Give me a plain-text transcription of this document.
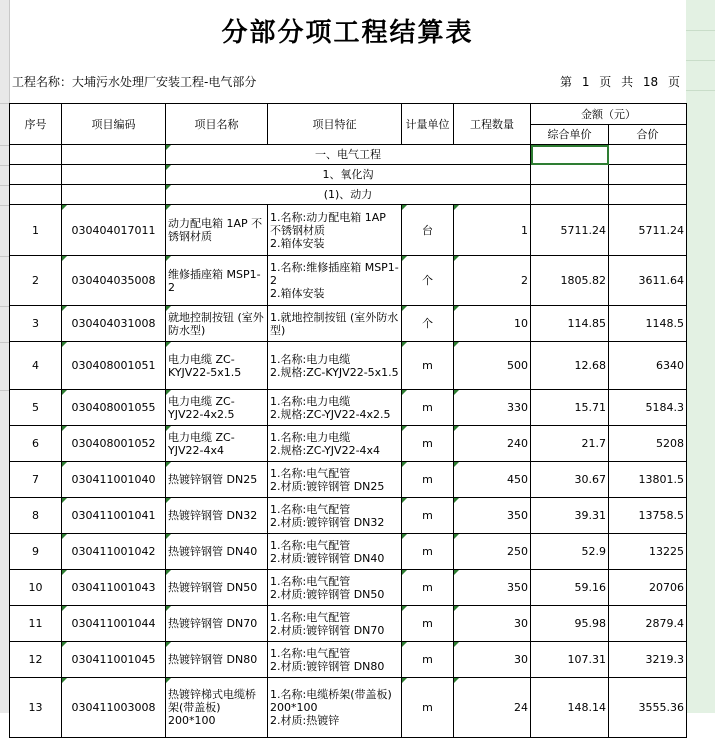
分部分项工程结算表
工程名称：大埔污水处理厂安装工程-电气部分	第 1 页 共 18 页
序号	项目编码	项目名称	项目特征	计量单位	工程数量	金额（元）	
						综合单价	合价
		一、电气工程					
		1、氧化沟					
		(1)、动力					
1	030404017011	动力配电箱 1AP 不锈钢材质	1.名称:动力配电箱 1AP 不锈钢材质
2.箱体安装	台	1	5711.24	5711.24
2	030404035008	维修插座箱 MSP1-2	1.名称:维修插座箱 MSP1-2
2.箱体安装	个	2	1805.82	3611.64
3	030404031008	就地控制按钮 (室外防水型)	1.就地控制按钮 (室外防水型)	个	10	114.85	1148.5
4	030408001051	电力电缆 ZC-KYJV22-5x1.5	1.名称:电力电缆
2.规格:ZC-KYJV22-5x1.5	m	500	12.68	6340
5	030408001055	电力电缆 ZC-YJV22-4x2.5	1.名称:电力电缆
2.规格:ZC-YJV22-4x2.5	m	330	15.71	5184.3
6	030408001052	电力电缆 ZC-YJV22-4x4	1.名称:电力电缆
2.规格:ZC-YJV22-4x4	m	240	21.7	5208
7	030411001040	热镀锌钢管 DN25	1.名称:电气配管
2.材质:镀锌钢管 DN25	m	450	30.67	13801.5
8	030411001041	热镀锌钢管 DN32	1.名称:电气配管
2.材质:镀锌钢管 DN32	m	350	39.31	13758.5
9	030411001042	热镀锌钢管 DN40	1.名称:电气配管
2.材质:镀锌钢管 DN40	m	250	52.9	13225
10	030411001043	热镀锌钢管 DN50	1.名称:电气配管
2.材质:镀锌钢管 DN50	m	350	59.16	20706
11	030411001044	热镀锌钢管 DN70	1.名称:电气配管
2.材质:镀锌钢管 DN70	m	30	95.98	2879.4
12	030411001045	热镀锌钢管 DN80	1.名称:电气配管
2.材质:镀锌钢管 DN80	m	30	107.31	3219.3
13	030411003008	热镀锌梯式电缆桥架(带盖板) 200*100	1.名称:电缆桥架(带盖板) 200*100
2.材质:热镀锌	m	24	148.14	3555.36
